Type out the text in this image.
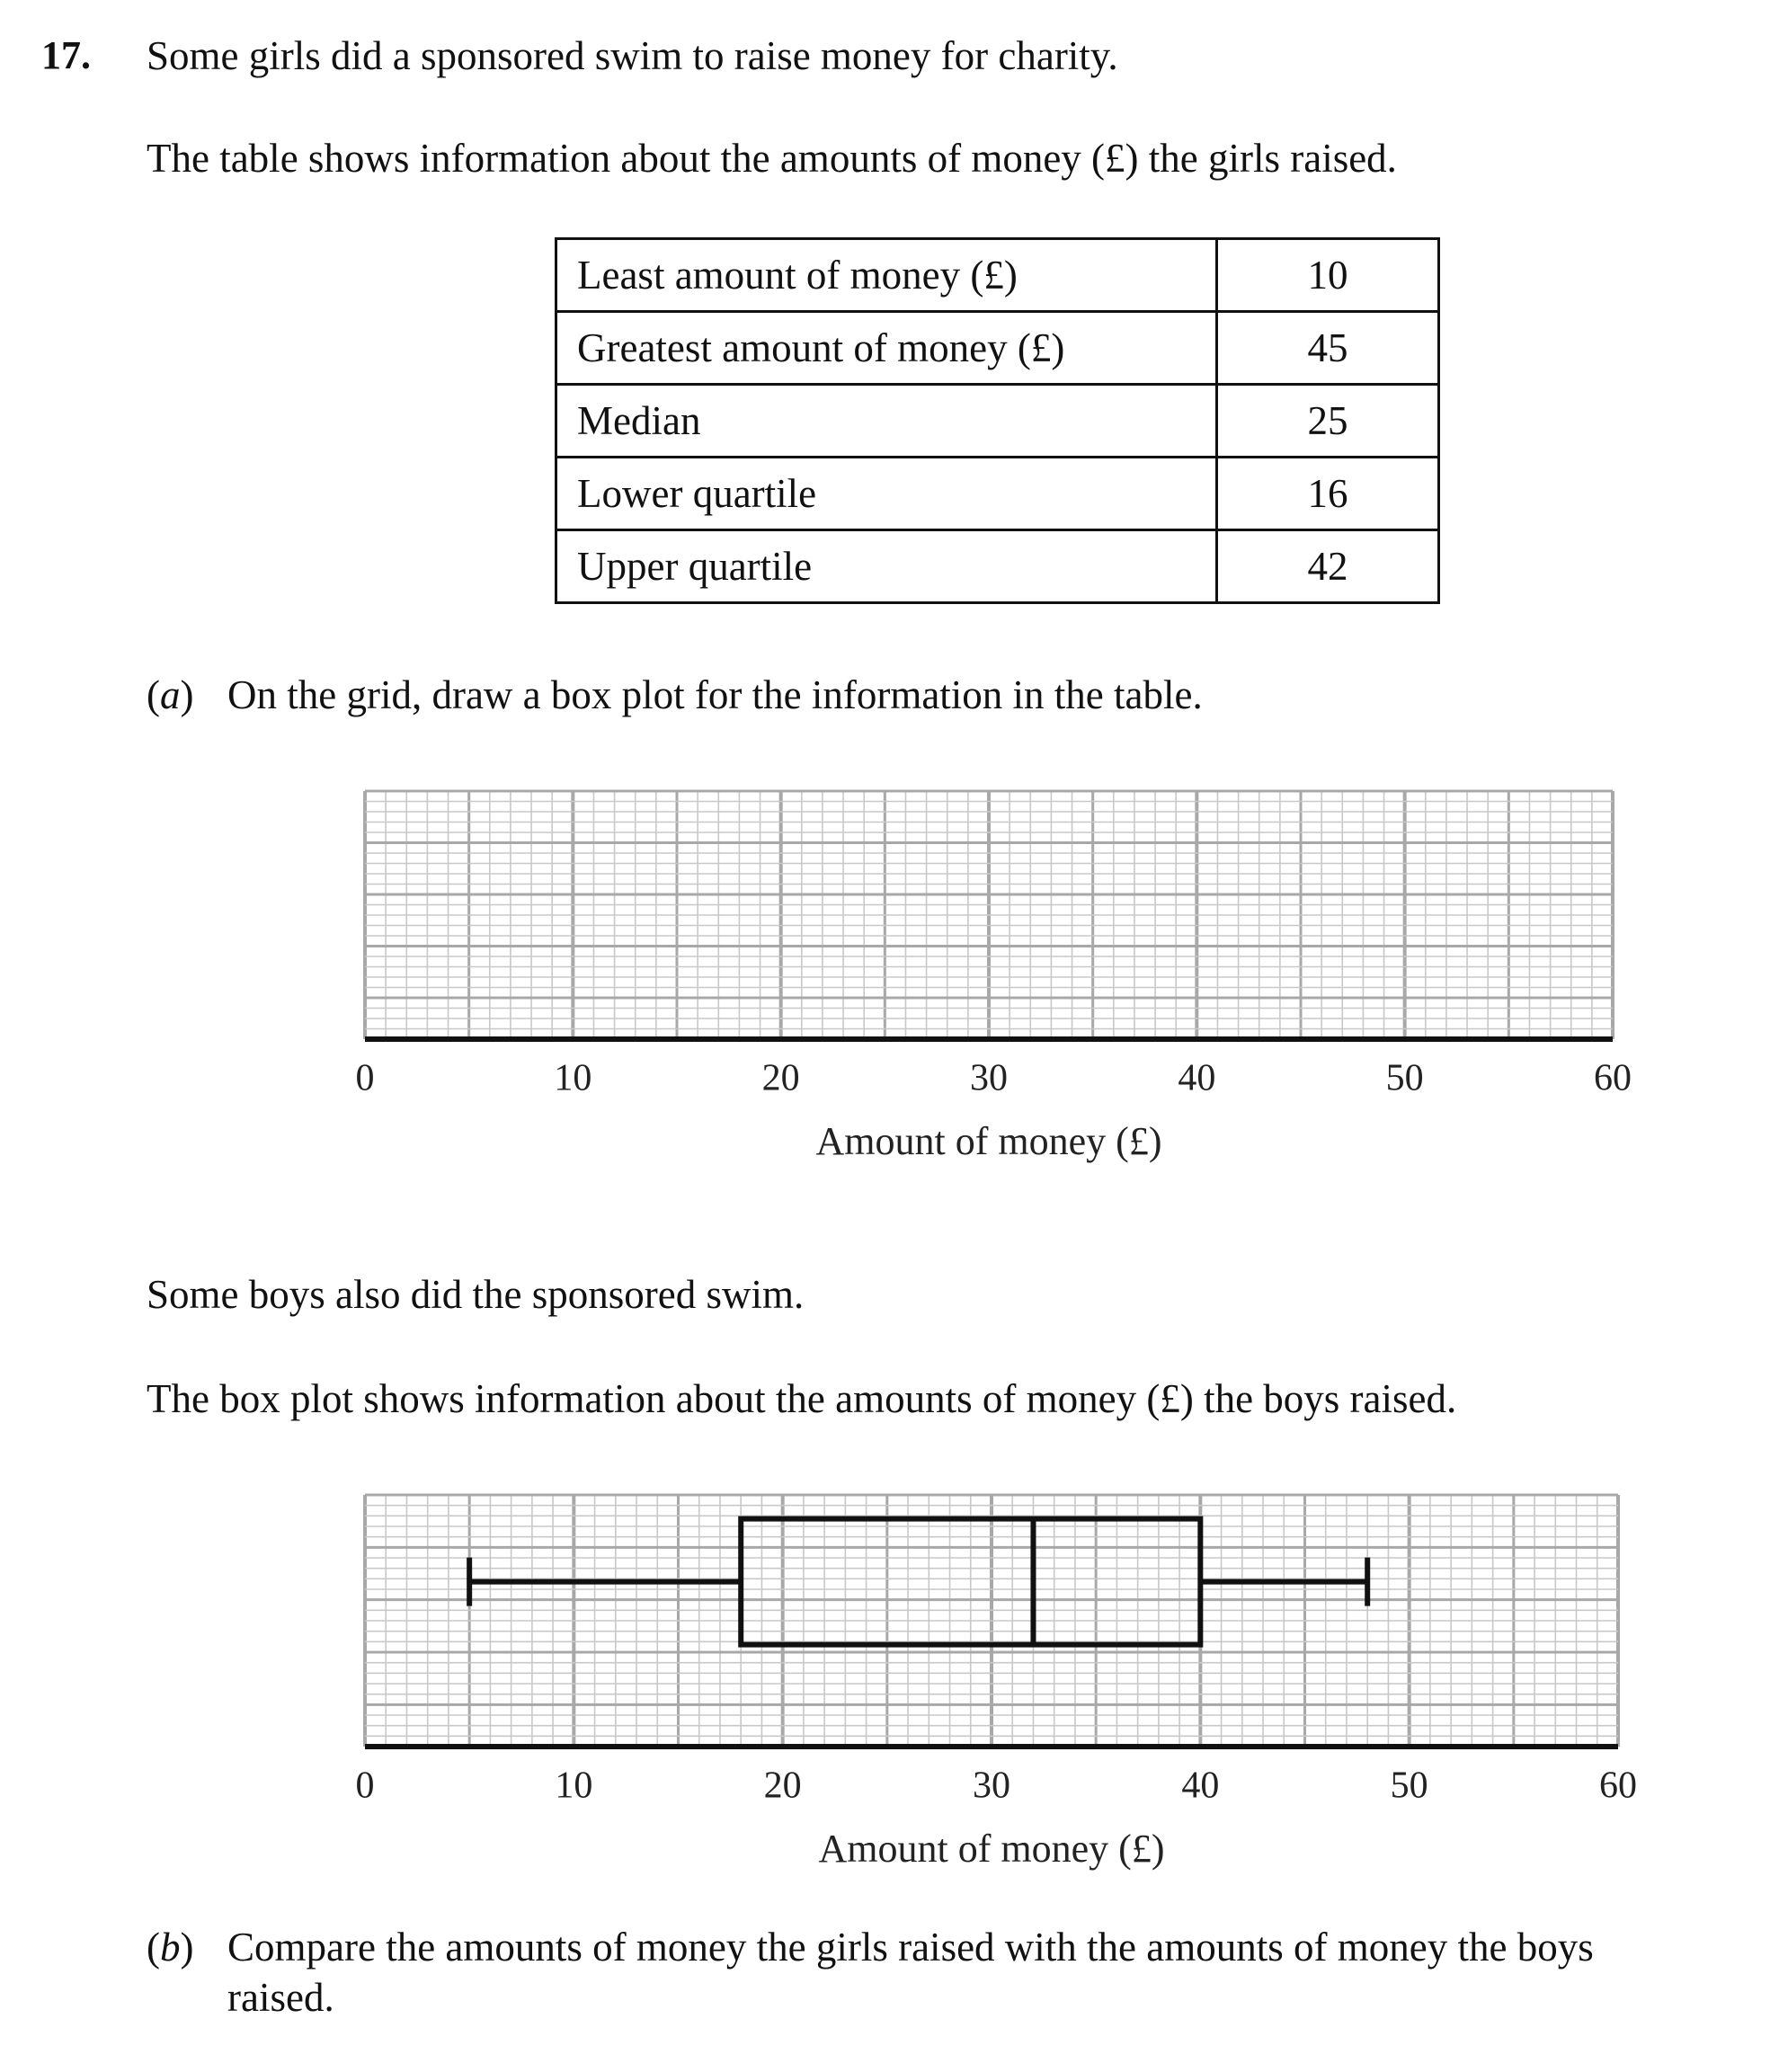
17. Some girls did a sponsored swim to raise money for charity.
The table shows information about the amounts of money (£) the girls raised.
Least amount of money (£)	10
Greatest amount of money (£)	45
Median	25
Lower quartile	16
Upper quartile	42
(a) On the grid, draw a box plot for the information in the table.
Some boys also did the sponsored swim.
The box plot shows information about the amounts of money (£) the boys raised.
(b) Compare the amounts of money the girls raised with the amounts of money the boys
raised.
0	10	20	30	40	50	60
Amount of money (£)
0	10	20	30	40	50	60
Amount of money (£)
